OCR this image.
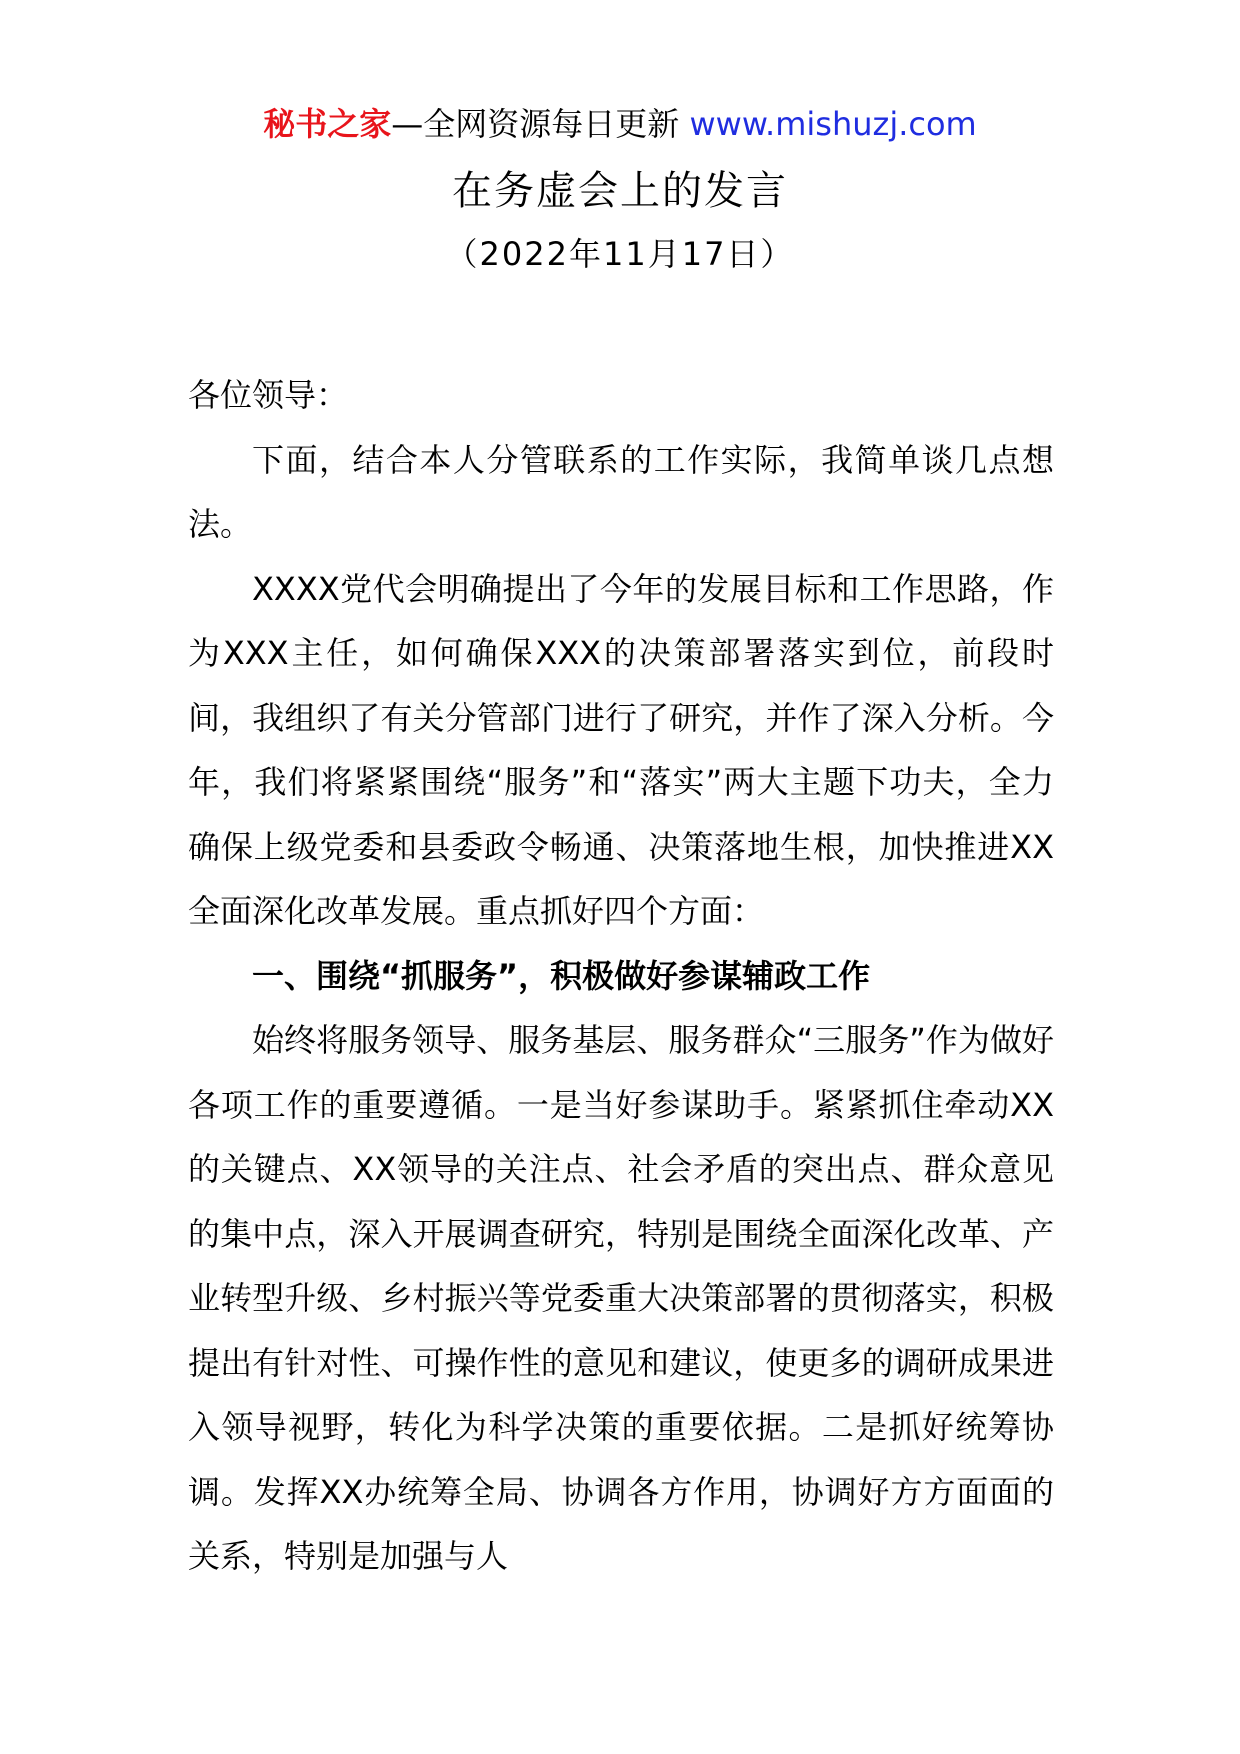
秘书之家—全网资源每日更新 www.mishuzj.com
在务虚会上的发言
（2022年11月17日）

各位领导：

下面，结合本人分管联系的工作实际，我简单谈几点想法。

XXXX党代会明确提出了今年的发展目标和工作思路，作为XXX主任，如何确保XXX的决策部署落实到位，前段时间，我组织了有关分管部门进行了研究，并作了深入分析。今年，我们将紧紧围绕“服务”和“落实”两大主题下功夫，全力确保上级党委和县委政令畅通、决策落地生根，加快推进XX全面深化改革发展。重点抓好四个方面：

一、围绕“抓服务”，积极做好参谋辅政工作

始终将服务领导、服务基层、服务群众“三服务”作为做好各项工作的重要遵循。一是当好参谋助手。紧紧抓住牵动XX的关键点、XX领导的关注点、社会矛盾的突出点、群众意见的集中点，深入开展调查研究，特别是围绕全面深化改革、产业转型升级、乡村振兴等党委重大决策部署的贯彻落实，积极提出有针对性、可操作性的意见和建议，使更多的调研成果进入领导视野，转化为科学决策的重要依据。二是抓好统筹协调。发挥XX办统筹全局、协调各方作用，协调好方方面面的关系，特别是加强与人
